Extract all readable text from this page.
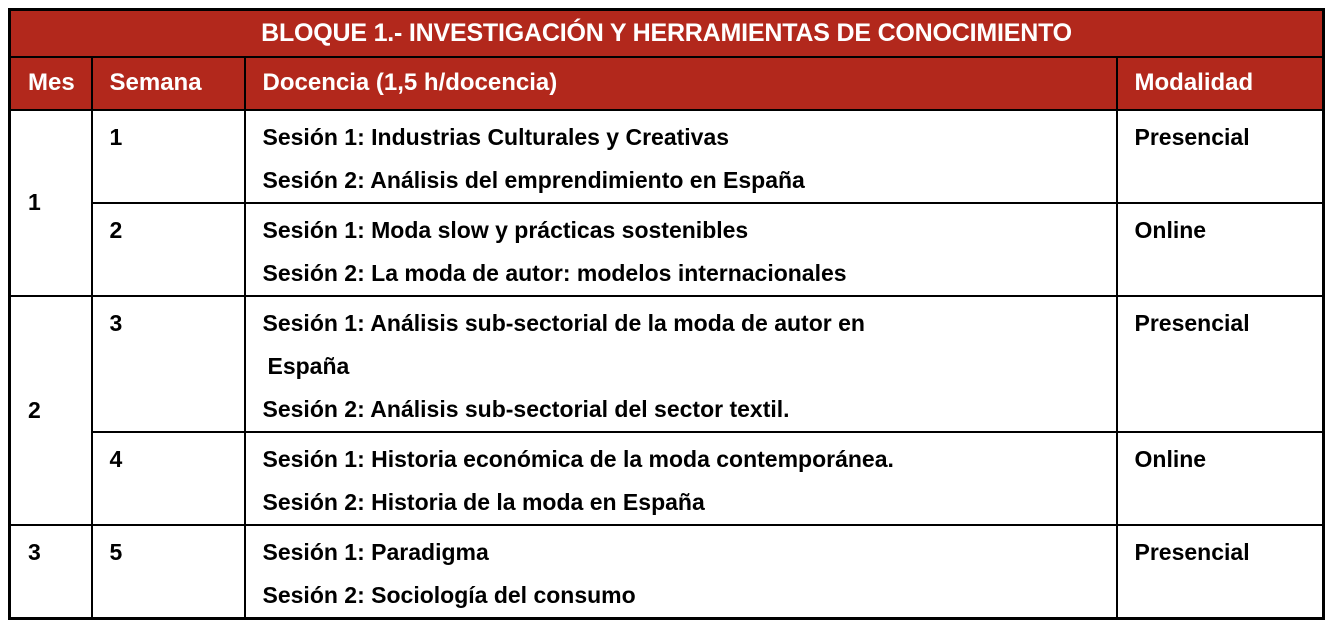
BLOQUE 1.- INVESTIGACIÓN Y HERRAMIENTAS DE CONOCIMIENTO			
Mes	Semana	Docencia (1,5 h/docencia)	Modalidad
1	1	Sesión 1: Industrias Culturales y Creativas
Sesión 2: Análisis del emprendimiento en España	Presencial
	2	Sesión 1: Moda slow y prácticas sostenibles
Sesión 2: La moda de autor: modelos internacionales	Online
2	3	Sesión 1: Análisis sub-sectorial de la moda de autor en
España
Sesión 2: Análisis sub-sectorial del sector textil.	Presencial
	4	Sesión 1: Historia económica de la moda contemporánea.
Sesión 2: Historia de la moda en España	Online
3	5	Sesión 1: Paradigma
Sesión 2: Sociología del consumo	Presencial
